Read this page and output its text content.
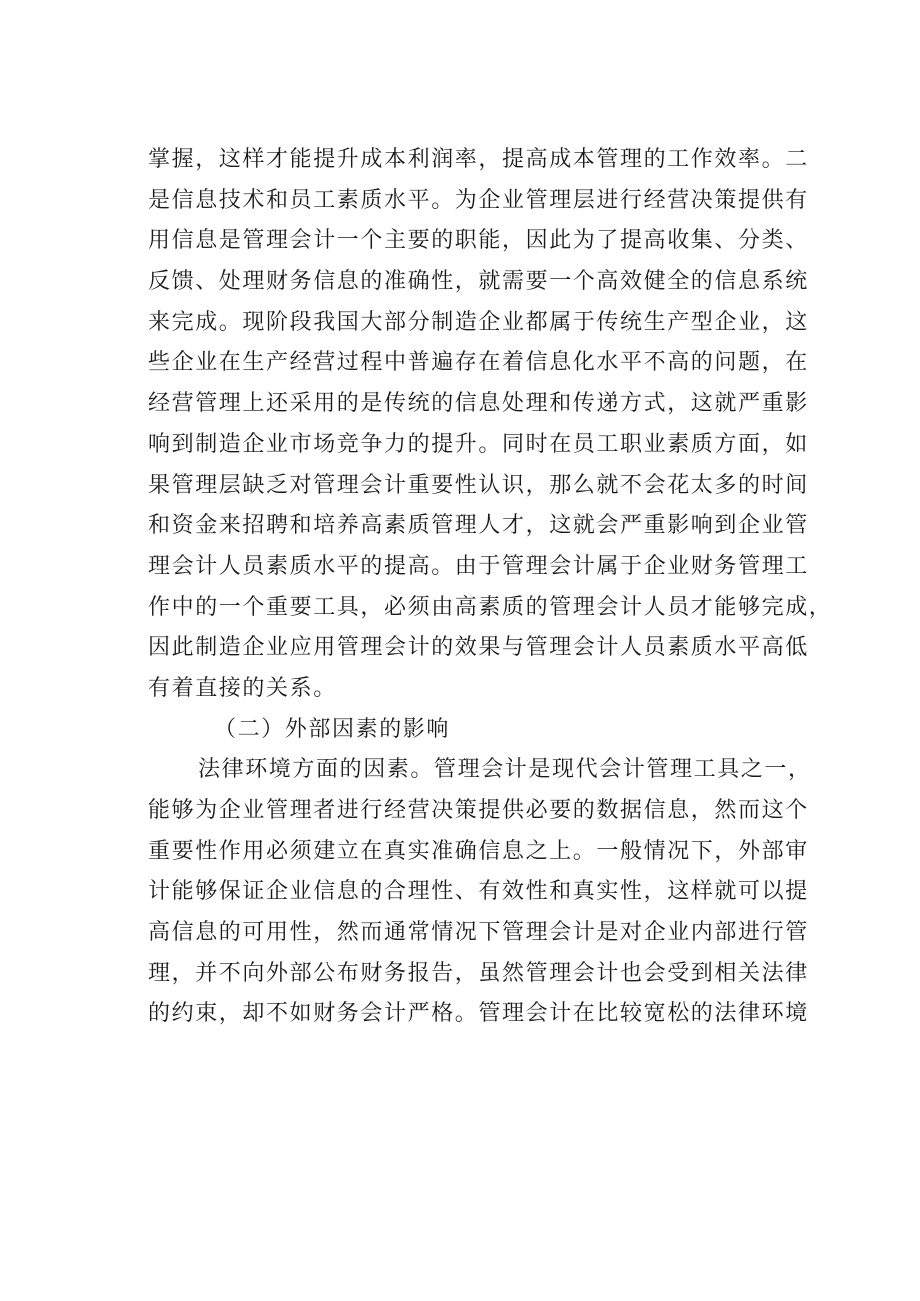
掌握，这样才能提升成本利润率，提高成本管理的工作效率。二
是信息技术和员工素质水平。为企业管理层进行经营决策提供有
用信息是管理会计一个主要的职能，因此为了提高收集、分类、
反馈、处理财务信息的准确性，就需要一个高效健全的信息系统
来完成。现阶段我国大部分制造企业都属于传统生产型企业，这
些企业在生产经营过程中普遍存在着信息化水平不高的问题，在
经营管理上还采用的是传统的信息处理和传递方式，这就严重影
响到制造企业市场竞争力的提升。同时在员工职业素质方面，如
果管理层缺乏对管理会计重要性认识，那么就不会花太多的时间
和资金来招聘和培养高素质管理人才，这就会严重影响到企业管
理会计人员素质水平的提高。由于管理会计属于企业财务管理工
作中的一个重要工具，必须由高素质的管理会计人员才能够完成，
因此制造企业应用管理会计的效果与管理会计人员素质水平高低
有着直接的关系。
（二）外部因素的影响
法律环境方面的因素。管理会计是现代会计管理工具之一，
能够为企业管理者进行经营决策提供必要的数据信息，然而这个
重要性作用必须建立在真实准确信息之上。一般情况下，外部审
计能够保证企业信息的合理性、有效性和真实性，这样就可以提
高信息的可用性，然而通常情况下管理会计是对企业内部进行管
理，并不向外部公布财务报告，虽然管理会计也会受到相关法律
的约束，却不如财务会计严格。管理会计在比较宽松的法律环境
